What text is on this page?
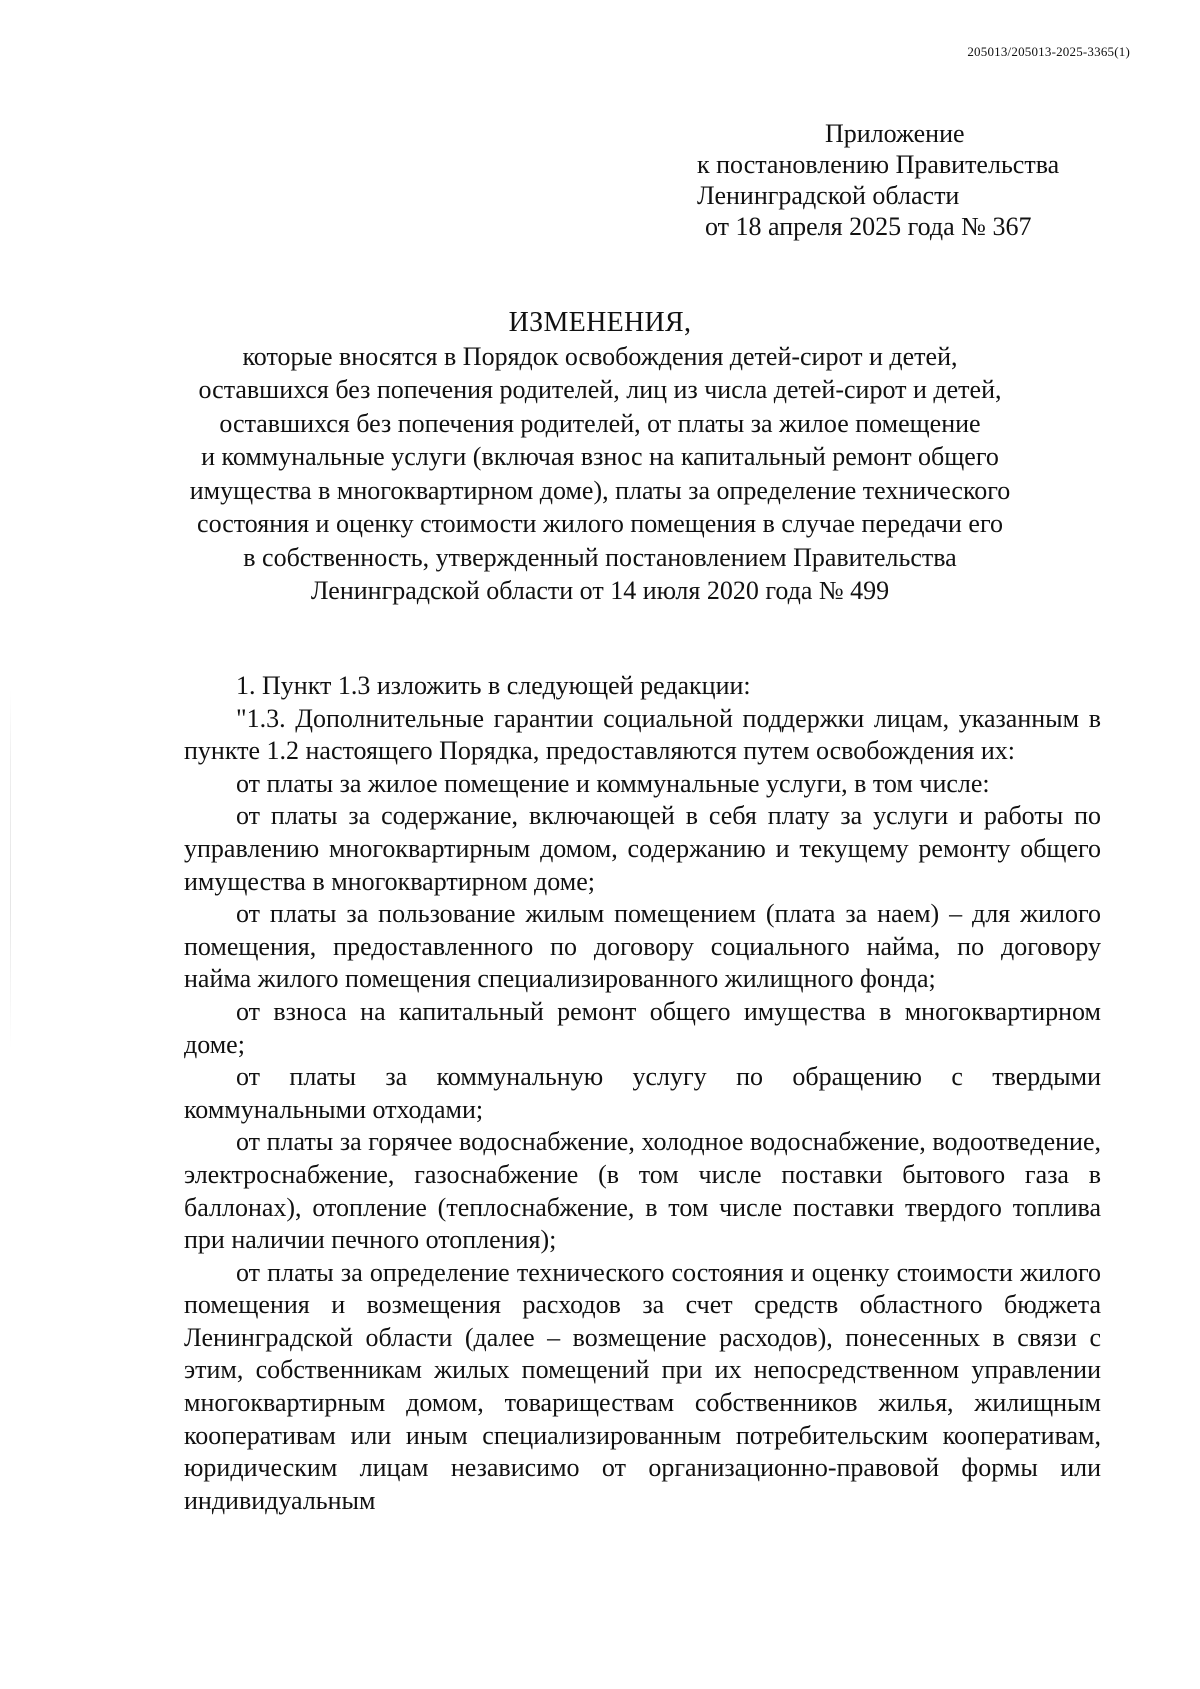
205013/205013-2025-3365(1)
Приложение
к постановлению Правительства
Ленинградской области
от 18 апреля 2025 года № 367
ИЗМЕНЕНИЯ,
которые вносятся в Порядок освобождения детей-сирот и детей,
оставшихся без попечения родителей, лиц из числа детей-сирот и детей,
оставшихся без попечения родителей, от платы за жилое помещение
и коммунальные услуги (включая взнос на капитальный ремонт общего
имущества в многоквартирном доме), платы за определение технического
состояния и оценку стоимости жилого помещения в случае передачи его
в собственность, утвержденный постановлением Правительства
Ленинградской области от 14 июля 2020 года № 499

1. Пункт 1.3 изложить в следующей редакции:

"1.3. Дополнительные гарантии социальной поддержки лицам, указанным в пункте 1.2 настоящего Порядка, предоставляются путем освобождения их:

от платы за жилое помещение и коммунальные услуги, в том числе:

от платы за содержание, включающей в себя плату за услуги и работы по управлению многоквартирным домом, содержанию и текущему ремонту общего имущества в многоквартирном доме;

от платы за пользование жилым помещением (плата за наем) – для жилого помещения, предоставленного по договору социального найма, по договору найма жилого помещения специализированного жилищного фонда;

от взноса на капитальный ремонт общего имущества в многоквартирном доме;

от платы за коммунальную услугу по обращению с твердыми коммунальными отходами;

от платы за горячее водоснабжение, холодное водоснабжение, водоотведение, электроснабжение, газоснабжение (в том числе поставки бытового газа в баллонах), отопление (теплоснабжение, в том числе поставки твердого топлива при наличии печного отопления);

от платы за определение технического состояния и оценку стоимости жилого помещения и возмещения расходов за счет средств областного бюджета Ленинградской области (далее – возмещение расходов), понесенных в связи с этим, собственникам жилых помещений при их непосредственном управлении многоквартирным домом, товариществам собственников жилья, жилищным кооперативам или иным специализированным потребительским кооперативам, юридическим лицам независимо от организационно-правовой формы или индивидуальным
